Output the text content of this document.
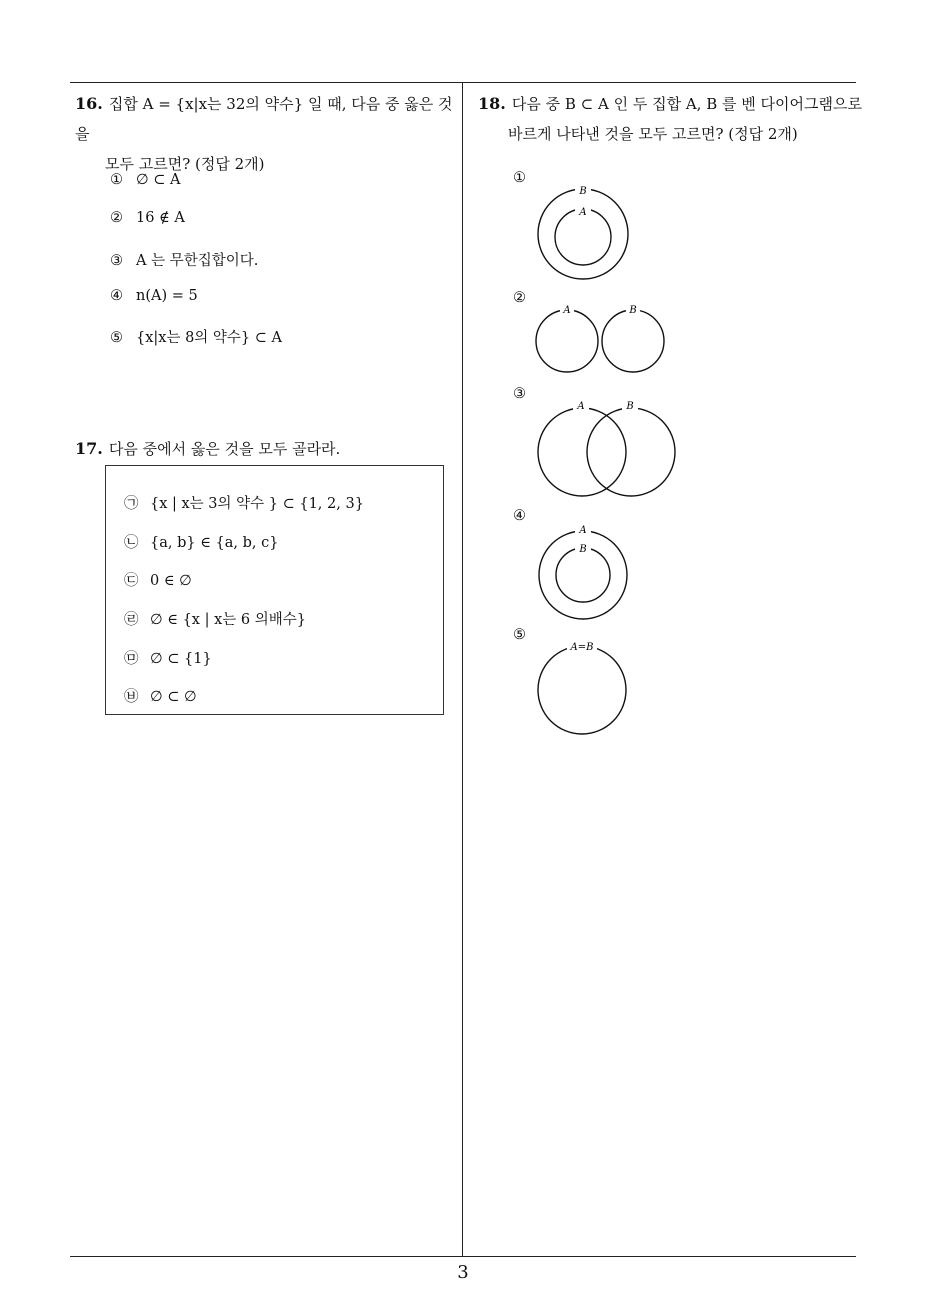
16. 집합 A = {x|x는 32의 약수} 일 때, 다음 중 옳은 것을
모두 고르면? (정답 2개)
① ∅ ⊂ A
② 16 ∉ A
③ A 는 무한집합이다.
④ n(A) = 5
⑤ {x|x는 8의 약수} ⊂ A
17. 다음 중에서 옳은 것을 모두 골라라.
㉠ {x | x는 3의 약수 } ⊂ {1, 2, 3}
㉡ {a, b} ∈ {a, b, c}
㉢ 0 ∈ ∅
㉣ ∅ ∈ {x | x는 6 의배수}
㉤ ∅ ⊂ {1}
㉥ ∅ ⊂ ∅
18. 다음 중 B ⊂ A 인 두 집합 A, B 를 벤 다이어그램으로
바르게 나타낸 것을 모두 고르면? (정답 2개)
①
B
A
②
A	B
③
A	B
④
A
B
⑤
A=B
3
